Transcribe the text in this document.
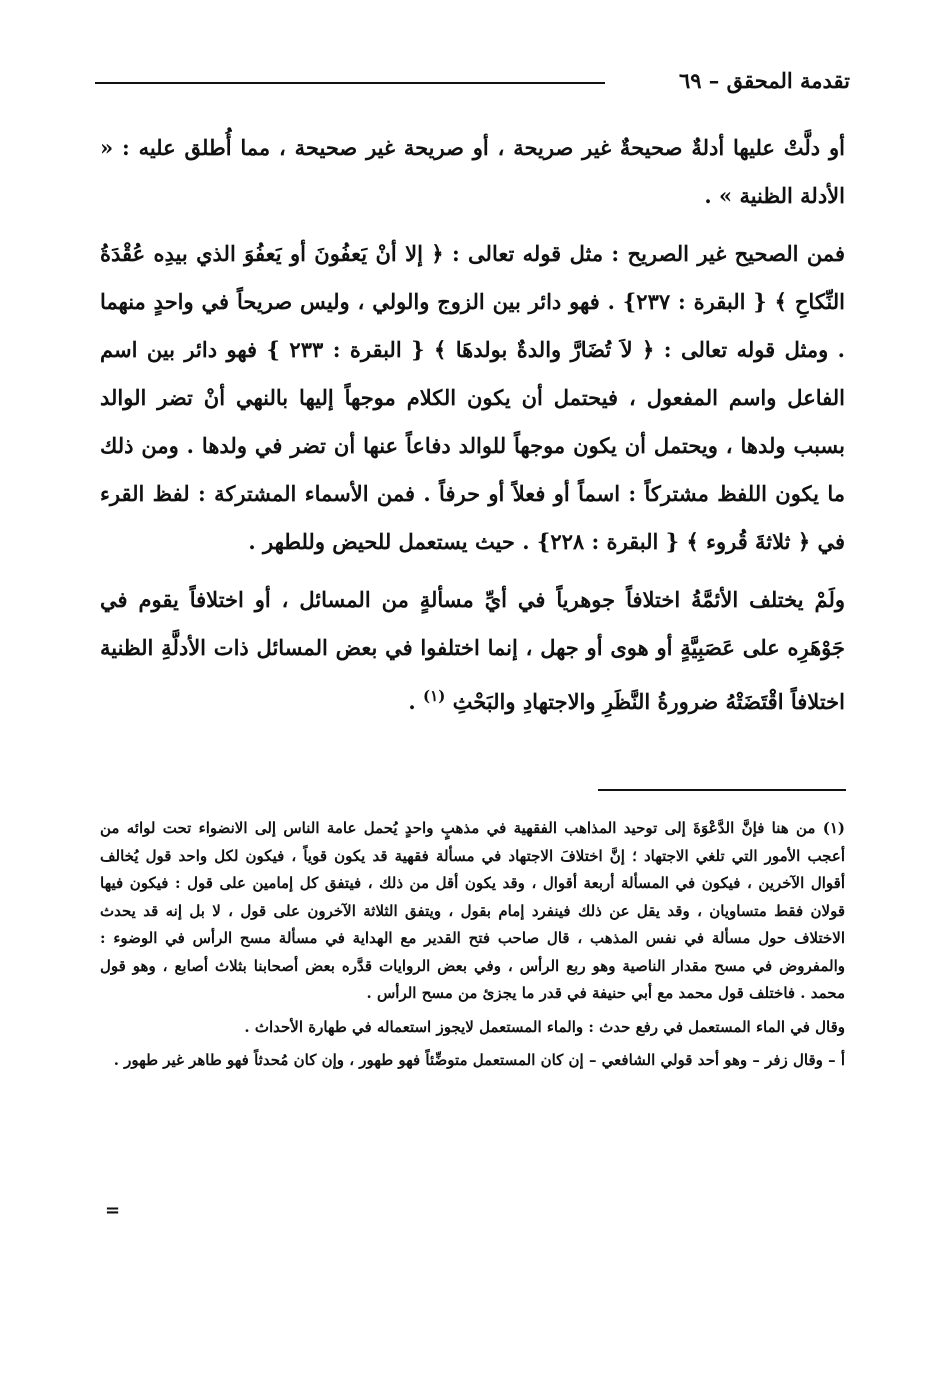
تقدمة المحقق – ٦٩

أو دلَّتْ عليها أدلةٌ صحيحةٌ غير صريحة ، أو صريحة غير صحيحة ، مما أُطلق عليه : « الأدلة الظنية » .

فمن الصحيح غير الصريح : مثل قوله تعالى : ﴿ إلا أنْ يَعفُونَ أو يَعفُوَ الذي بيدِه عُقْدَةُ النِّكاحِ ﴾ { البقرة : ٢٣٧} . فهو دائر بين الزوج والولي ، وليس صريحاً في واحدٍ منهما . ومثل قوله تعالى : ﴿ لاَ تُضَارَّ والدةٌ بولدهَا ﴾ { البقرة : ٢٣٣ } فهو دائر بين اسم الفاعل واسم المفعول ، فيحتمل أن يكون الكلام موجهاً إليها بالنهي أنْ تضر الوالد بسبب ولدها ، ويحتمل أن يكون موجهاً للوالد دفاعاً عنها أن تضر في ولدها . ومن ذلك ما يكون اللفظ مشتركاً : اسماً أو فعلاً أو حرفاً . فمن الأسماء المشتركة : لفظ القرء في ﴿ ثلاثةَ قُروء ﴾ { البقرة : ٢٢٨} . حيث يستعمل للحيض وللطهر .

ولَمْ يختلف الأئمَّةُ اختلافاً جوهرياً في أيِّ مسألةٍ من المسائل ، أو اختلافاً يقوم في جَوْهَرِه على عَصَبِيَّةٍ أو هوى أو جهل ، إنما اختلفوا في بعض المسائل ذات الأدلَّةِ الظنية اختلافاً اقْتَضَتْهُ ضرورةُ النَّظَرِ والاجتهادِ والبَحْثِ $^{(١)}$ .

(١) من هنا فإنَّ الدَّعْوَةَ إلى توحيد المذاهب الفقهية في مذهبٍ واحدٍ يُحمل عامة الناس إلى الانضواء تحت لوائه من أعجب الأمور التي تلغي الاجتهاد ؛ إنَّ اختلافَ الاجتهاد في مسألة فقهية قد يكون قوياً ، فيكون لكل واحد قول يُخالف أقوال الآخرين ، فيكون في المسألة أربعة أقوال ، وقد يكون أقل من ذلك ، فيتفق كل إمامين على قول : فيكون فيها قولان فقط متساويان ، وقد يقل عن ذلك فينفرد إمام بقول ، ويتفق الثلاثة الآخرون على قول ، لا بل إنه قد يحدث الاختلاف حول مسألة في نفس المذهب ، قال صاحب فتح القدير مع الهداية في مسألة مسح الرأس في الوضوء : والمفروض في مسح مقدار الناصية وهو ربع الرأس ، وفي بعض الروايات قدَّره بعض أصحابنا بثلاث أصابع ، وهو قول محمد . فاختلف قول محمد مع أبي حنيفة في قدر ما يجزئ من مسح الرأس .

وقال في الماء المستعمل في رفع حدث : والماء المستعمل لايجوز استعماله في طهارة الأحداث .

أ – وقال زفر – وهو أحد قولي الشافعي – إن كان المستعمل متوضِّئاً فهو طهور ، وإن كان مُحدثاً فهو طاهر غير طهور .

=
